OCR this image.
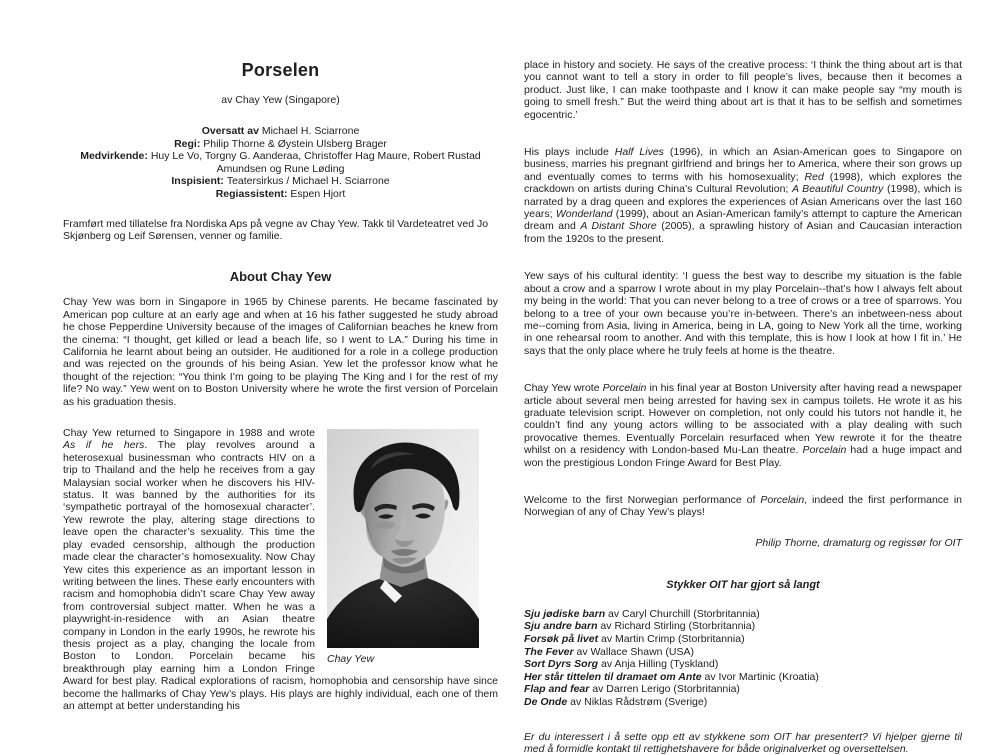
Porselen

av Chay Yew (Singapore)

Oversatt av Michael H. Sciarrone

Regi: Philip Thorne & Øystein Ulsberg Brager

Medvirkende: Huy Le Vo, Torgny G. Aanderaa, Christoffer Hag Maure, Robert Rustad Amundsen og Rune Løding

Inspisient: Teatersirkus / Michael H. Sciarrone

Regiassistent: Espen Hjort

Framført med tillatelse fra Nordiska Aps på vegne av Chay Yew. Takk til Vardeteatret ved Jo Skjønberg og Leif Sørensen, venner og familie.

About Chay Yew

Chay Yew was born in Singapore in 1965 by Chinese parents. He became fascinated by American pop culture at an early age and when at 16 his father suggested he study abroad he chose Pepperdine University because of the images of Californian beaches he knew from the cinema: “I thought, get killed or lead a beach life, so I went to LA.” During his time in California he learnt about being an outsider. He auditioned for a role in a college production and was rejected on the grounds of his being Asian. Yew let the professor know what he thought of the rejection: “You think I’m going to be playing The King and I for the rest of my life? No way.” Yew went on to Boston University where he wrote the first version of Porcelain as his graduation thesis.

Chay Yew

Chay Yew returned to Singapore in 1988 and wrote As if he hers. The play revolves around a heterosexual businessman who contracts HIV on a trip to Thailand and the help he receives from a gay Malaysian social worker when he discovers his HIV-status. It was banned by the authorities for its ‘sympathetic portrayal of the homosexual character’. Yew rewrote the play, altering stage directions to leave open the character’s sexuality. This time the play evaded censorship, although the production made clear the character’s homosexuality. Now Chay Yew cites this experience as an important lesson in writing between the lines. These early encounters with racism and homophobia didn’t scare Chay Yew away from controversial subject matter. When he was a playwright-in-residence with an Asian theatre company in London in the early 1990s, he rewrote his thesis project as a play, changing the locale from Boston to London. Porcelain became his breakthrough play earning him a London Fringe Award for best play. Radical explorations of racism, homophobia and censorship have since become the hallmarks of Chay Yew’s plays. His plays are highly individual, each one of them an attempt at better understanding his

place in history and society. He says of the creative process: ‘I think the thing about art is that you cannot want to tell a story in order to fill people’s lives, because then it becomes a product. Just like, I can make toothpaste and I know it can make people say “my mouth is going to smell fresh.” But the weird thing about art is that it has to be selfish and sometimes egocentric.’

His plays include Half Lives (1996), in which an Asian-American goes to Singapore on business, marries his pregnant girlfriend and brings her to America, where their son grows up and eventually comes to terms with his homosexuality; Red (1998), which explores the crackdown on artists during China’s Cultural Revolution; A Beautiful Country (1998), which is narrated by a drag queen and explores the experiences of Asian Americans over the last 160 years; Wonderland (1999), about an Asian-American family’s attempt to capture the American dream and A Distant Shore (2005), a sprawling history of Asian and Caucasian interaction from the 1920s to the present.

Yew says of his cultural identity: ‘I guess the best way to describe my situation is the fable about a crow and a sparrow I wrote about in my play Porcelain--that’s how I always felt about my being in the world: That you can never belong to a tree of crows or a tree of sparrows. You belong to a tree of your own because you’re in-between. There’s an inbetween-ness about me--coming from Asia, living in America, being in LA, going to New York all the time, working in one rehearsal room to another. And with this template, this is how I look at how I fit in.’ He says that the only place where he truly feels at home is the theatre.

Chay Yew wrote Porcelain in his final year at Boston University after having read a newspaper article about several men being arrested for having sex in campus toilets. He wrote it as his graduate television script. However on completion, not only could his tutors not handle it, he couldn’t find any young actors willing to be associated with a play dealing with such provocative themes. Eventually Porcelain resurfaced when Yew rewrote it for the theatre whilst on a residency with London-based Mu-Lan theatre. Porcelain had a huge impact and won the prestigious London Fringe Award for Best Play.

Welcome to the first Norwegian performance of Porcelain, indeed the first performance in Norwegian of any of Chay Yew’s plays!

Philip Thorne, dramaturg og regissør for OIT

Stykker OIT har gjort så langt

Sju jødiske barn av Caryl Churchill (Storbritannia)

Sju andre barn av Richard Stirling (Storbritannia)

Forsøk på livet av Martin Crimp (Storbritannia)

The Fever av Wallace Shawn (USA)

Sort Dyrs Sorg av Anja Hilling (Tyskland)

Her står tittelen til dramaet om Ante av Ivor Martinic (Kroatia)

Flap and fear av Darren Lerigo (Storbritannia)

De Onde av Niklas Rådstrøm (Sverige)

Er du interessert i å sette opp ett av stykkene som OIT har presentert? Vi hjelper gjerne til med å formidle kontakt til rettighetshavere for både originalverket og oversettelsen.
